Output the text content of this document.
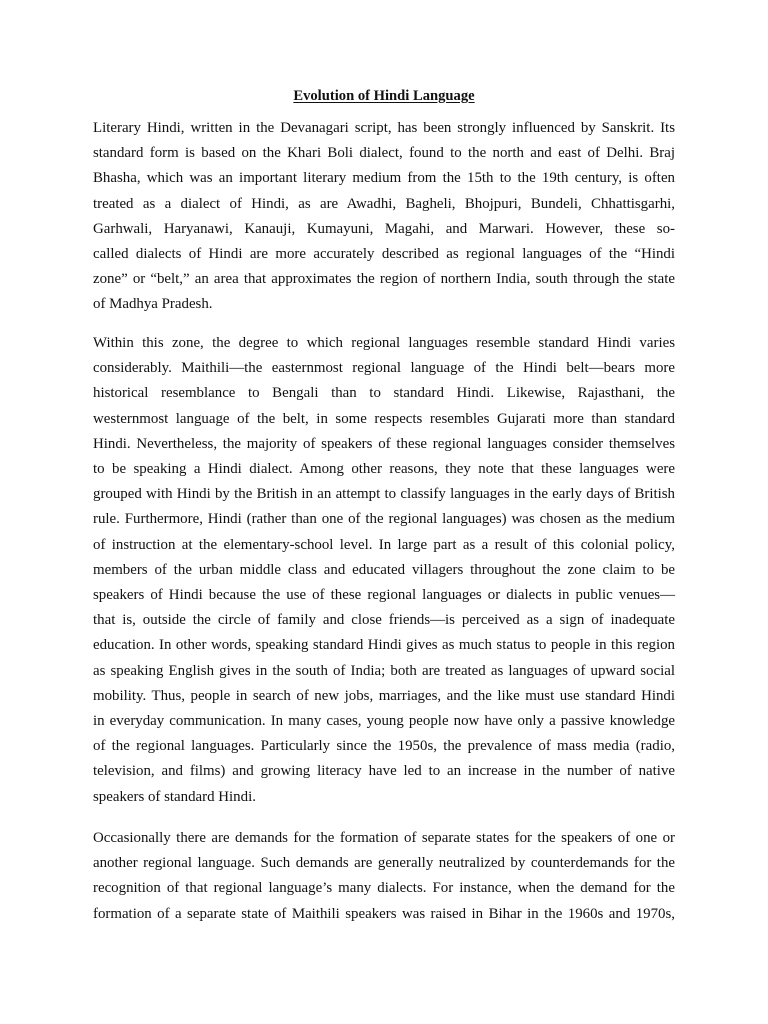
Evolution of Hindi Language

Literary Hindi, written in the Devanagari script, has been strongly influenced by Sanskrit. Its
standard form is based on the Khari Boli dialect, found to the north and east of Delhi. Braj
Bhasha, which was an important literary medium from the 15th to the 19th century, is often
treated as a dialect of Hindi, as are Awadhi, Bagheli, Bhojpuri, Bundeli, Chhattisgarhi,
Garhwali, Haryanawi, Kanauji, Kumayuni, Magahi, and Marwari. However, these so-
called dialects of Hindi are more accurately described as regional languages of the “Hindi
zone” or “belt,” an area that approximates the region of northern India, south through the state
of Madhya Pradesh.

Within this zone, the degree to which regional languages resemble standard Hindi varies
considerably. Maithili—the easternmost regional language of the Hindi belt—bears more
historical resemblance to Bengali than to standard Hindi. Likewise, Rajasthani, the
westernmost language of the belt, in some respects resembles Gujarati more than standard
Hindi. Nevertheless, the majority of speakers of these regional languages consider themselves
to be speaking a Hindi dialect. Among other reasons, they note that these languages were
grouped with Hindi by the British in an attempt to classify languages in the early days of British
rule. Furthermore, Hindi (rather than one of the regional languages) was chosen as the medium
of instruction at the elementary-school level. In large part as a result of this colonial policy,
members of the urban middle class and educated villagers throughout the zone claim to be
speakers of Hindi because the use of these regional languages or dialects in public venues—
that is, outside the circle of family and close friends—is perceived as a sign of inadequate
education. In other words, speaking standard Hindi gives as much status to people in this region
as speaking English gives in the south of India; both are treated as languages of upward social
mobility. Thus, people in search of new jobs, marriages, and the like must use standard Hindi
in everyday communication. In many cases, young people now have only a passive knowledge
of the regional languages. Particularly since the 1950s, the prevalence of mass media (radio,
television, and films) and growing literacy have led to an increase in the number of native
speakers of standard Hindi.

Occasionally there are demands for the formation of separate states for the speakers of one or
another regional language. Such demands are generally neutralized by counterdemands for the
recognition of that regional language’s many dialects. For instance, when the demand for the
formation of a separate state of Maithili speakers was raised in Bihar in the 1960s and 1970s,
